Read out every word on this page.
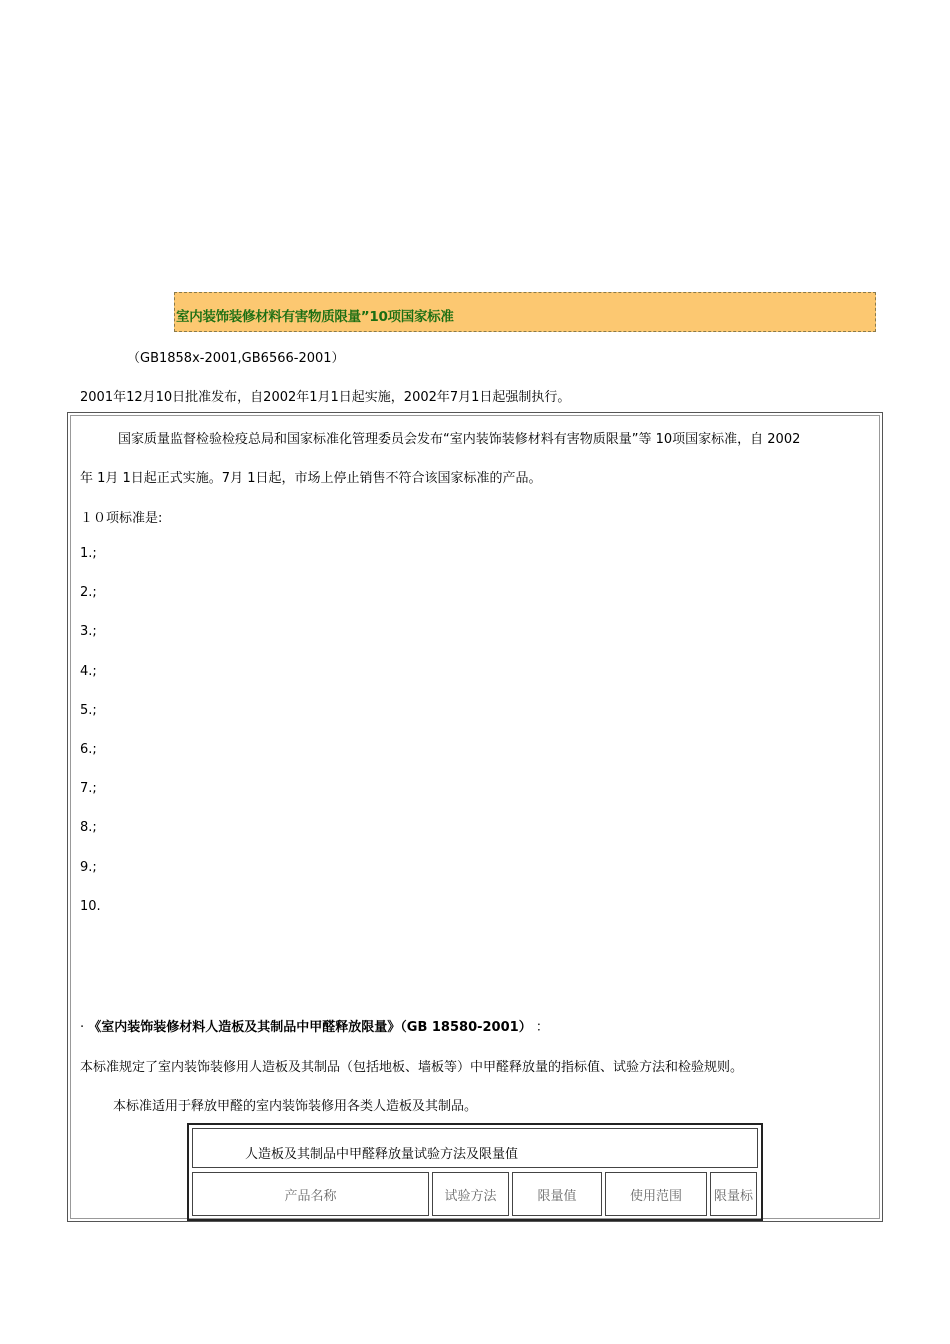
室内装饰装修材料有害物质限量”10项国家标准
（GB1858x-2001,GB6566-2001）
2001年12月10日批准发布，自2002年1月1日起实施，2002年7月1日起强制执行。
国家质量监督检验检疫总局和国家标准化管理委员会发布“室内装饰装修材料有害物质限量”等 10项国家标准，自 2002
年 1月 1日起正式实施。7月 1日起，市场上停止销售不符合该国家标准的产品。
１０项标准是:
1.;
2.;
3.;
4.;
5.;
6.;
7.;
8.;
9.;
10.
· 《室内装饰装修材料人造板及其制品中甲醛释放限量》（GB 18580-2001） ：
本标准规定了室内装饰装修用人造板及其制品（包括地板、墙板等）中甲醛释放量的指标值、试验方法和检验规则。
本标准适用于释放甲醛的室内装饰装修用各类人造板及其制品。
人造板及其制品中甲醛释放量试验方法及限量值
产品名称	试验方法	限量值	使用范围	限量标
